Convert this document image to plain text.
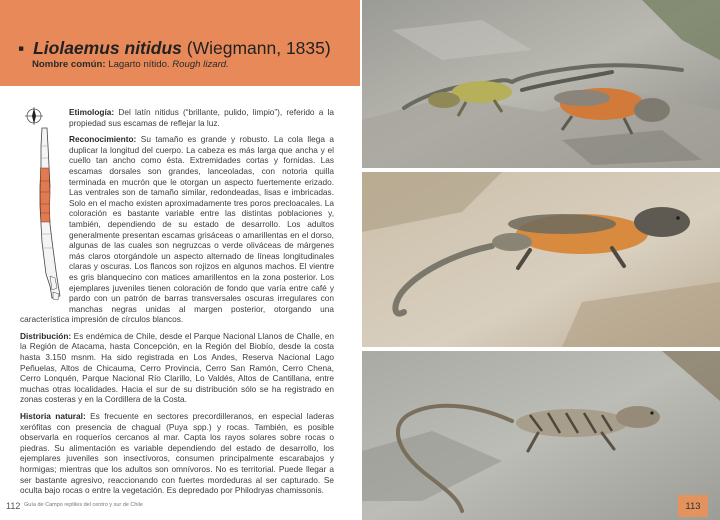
▪ Liolaemus nitidus (Wiegmann, 1835)
Nombre común: Lagarto nítido. Rough lizard.

Etimología: Del latín nitidus (“brillante, pulido, limpio”), referido a la propiedad sus escamas de reflejar la luz.

Reconocimiento: Su tamaño es grande y robusto. La cola llega a duplicar la longitud del cuerpo. La cabeza es más larga que ancha y el cuello tan ancho como ésta. Extremidades cortas y fornidas. Las escamas dorsales son grandes, lanceoladas, con notoria quilla terminada en mucrón que le otorgan un aspecto fuertemente erizado. Las ventrales son de tamaño similar, redondeadas, lisas e imbricadas. Solo en el macho existen aproximadamente tres poros precloacales. La coloración es bastante variable entre las distintas poblaciones y, también, dependiendo de su estado de desarrollo. Los adultos generalmente presentan escamas grisáceas o amarillentas en el dorso, algunas de las cuales son negruzcas o verde oliváceas de márgenes más claros otorgándole un aspecto alternado de líneas longitudinales claras y oscuras. Los flancos son rojizos en algunos machos. El vientre es gris blanquecino con matices amarillentos en la zona posterior. Los ejemplares juveniles tienen coloración de fondo que varía entre café y pardo con un patrón de barras transversales oscuras irregulares con manchas negras unidas al margen posterior, otorgando una característica impresión de círculos blancos.

Distribución: Es endémica de Chile, desde el Parque Nacional Llanos de Challe, en la Región de Atacama, hasta Concepción, en la Región del Biobío, desde la costa hasta 3.150 msnm. Ha sido registrada en Los Andes, Reserva Nacional Lago Peñuelas, Altos de Chicauma, Cerro Provincia, Cerro San Ramón, Cerro Chena, Cerro Lonquén, Parque Nacional Río Clarillo, Lo Valdés, Altos de Cantillana, entre muchas otras localidades. Hacia el sur de su distribución sólo se ha registrado en zonas costeras y en la Cordillera de la Costa.

Historia natural: Es frecuente en sectores precordilleranos, en especial laderas xerófitas con presencia de chagual (Puya spp.) y rocas. También, es posible observarla en roqueríos cercanos al mar. Capta los rayos solares sobre rocas o piedras. Su alimentación es variable dependiendo del estado de desarrollo, los ejemplares juveniles son insectívoros, consumen principalmente escarabajos y hormigas; mientras que los adultos son omnívoros. No es territorial. Puede llegar a ser bastante agresivo, reaccionando con fuertes mordeduras al ser capturado. Se oculta bajo rocas o entre la vegetación. Es depredado por Philodryas chamissonis.

112 Guía de Campo reptiles del centro y sur de Chile	113
